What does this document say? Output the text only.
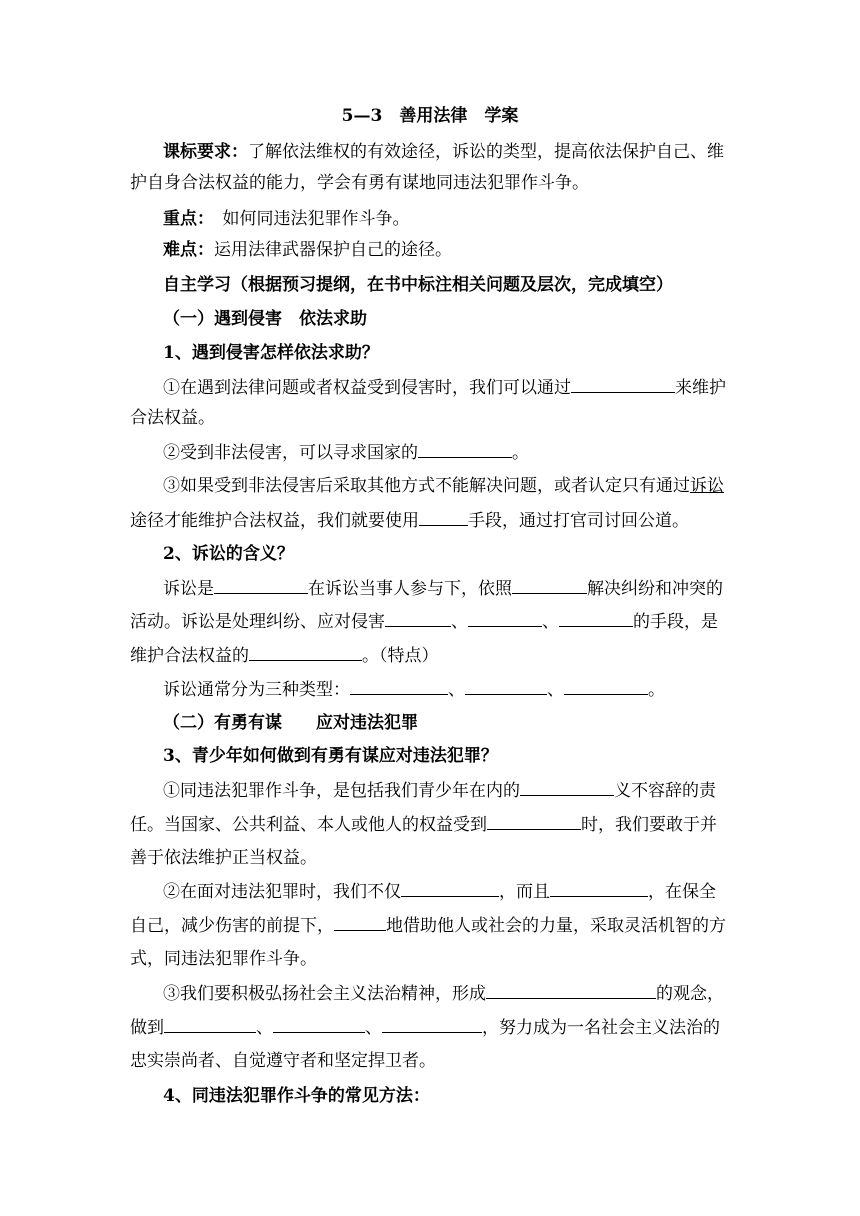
5—3　善用法律　学案
课标要求：了解依法维权的有效途径，诉讼的类型，提高依法保护自己、维
护自身合法权益的能力，学会有勇有谋地同违法犯罪作斗争。
重点：　如何同违法犯罪作斗争。
难点：运用法律武器保护自己的途径。
自主学习（根据预习提纲，在书中标注相关问题及层次，完成填空）
（一）遇到侵害　依法求助
1、遇到侵害怎样依法求助？
①在遇到法律问题或者权益受到侵害时，我们可以通过	来维护
合法权益。
②受到非法侵害，可以寻求国家的	。
③如果受到非法侵害后采取其他方式不能解决问题，或者认定只有通过诉讼
途径才能维护合法权益，我们就要使用	手段，通过打官司讨回公道。
2、诉讼的含义？
诉讼是	在诉讼当事人参与下，依照	解决纠纷和冲突的
活动。诉讼是处理纠纷、应对侵害	、	、	的手段，是
维护合法权益的	。（特点）
诉讼通常分为三种类型：	、	、	。
（二）有勇有谋　　应对违法犯罪
3、青少年如何做到有勇有谋应对违法犯罪？
①同违法犯罪作斗争，是包括我们青少年在内的	义不容辞的责
任。当国家、公共利益、本人或他人的权益受到	时，我们要敢于并
善于依法维护正当权益。
②在面对违法犯罪时，我们不仅	，而且	，在保全
自己，减少伤害的前提下，	地借助他人或社会的力量，采取灵活机智的方
式，同违法犯罪作斗争。
③我们要积极弘扬社会主义法治精神，形成	的观念，
做到	、	、	，努力成为一名社会主义法治的
忠实崇尚者、自觉遵守者和坚定捍卫者。
4、同违法犯罪作斗争的常见方法：
